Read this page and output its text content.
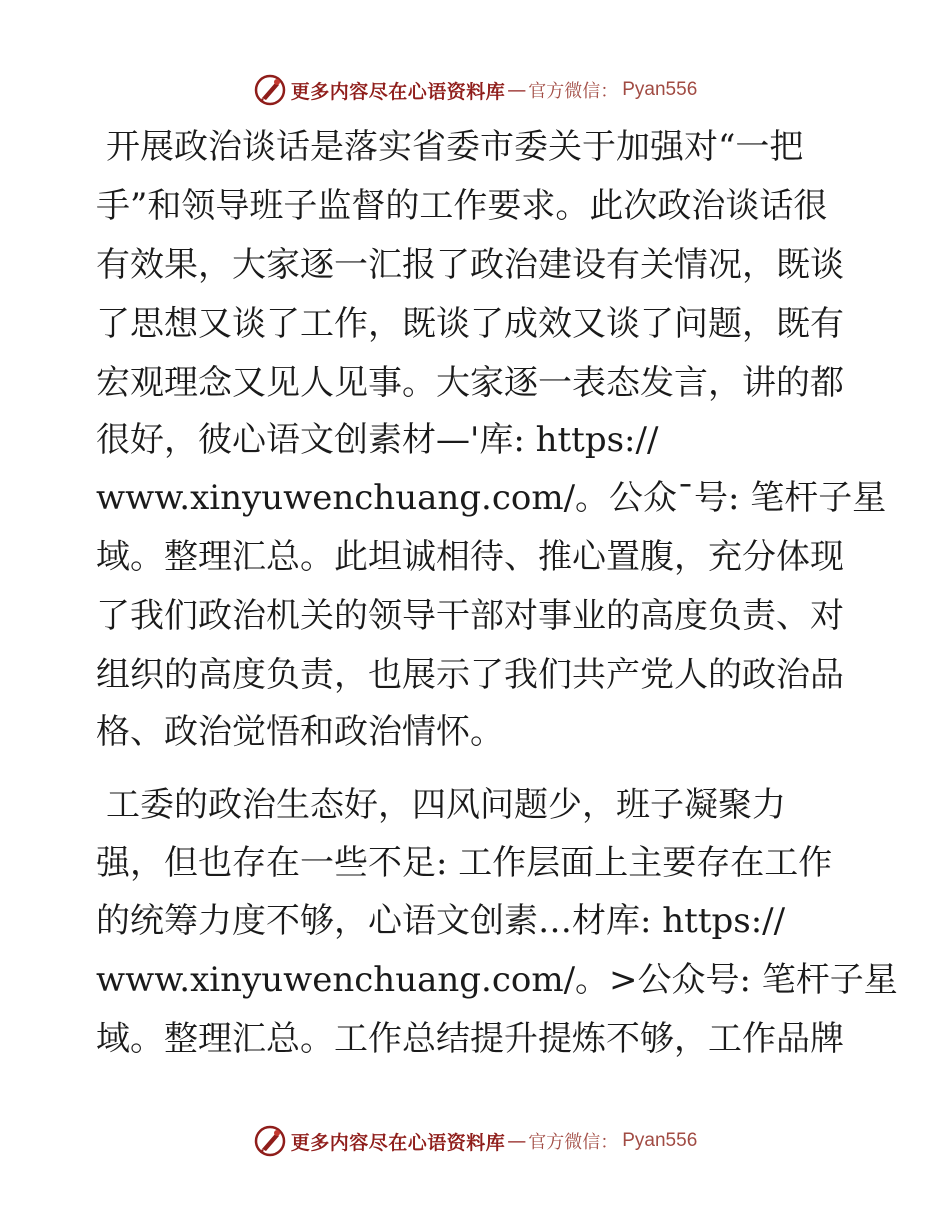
更多内容尽在心语资料库 — 官方微信： Pyan556
开展政治谈话是落实省委市委关于加强对“一把
手”和领导班子监督的工作要求。此次政治谈话很
有效果，大家逐一汇报了政治建设有关情况，既谈
了思想又谈了工作，既谈了成效又谈了问题，既有
宏观理念又见人见事。大家逐一表态发言，讲的都
很好，彼心语文创素材—'库: https://
www.xinyuwenchuang.com/。公众¯号: 笔杆子星
域。整理汇总。此坦诚相待、推心置腹，充分体现
了我们政治机关的领导干部对事业的高度负责、对
组织的高度负责，也展示了我们共产党人的政治品
格、政治觉悟和政治情怀。
工委的政治生态好，四风问题少，班子凝聚力
强，但也存在一些不足: 工作层面上主要存在工作
的统筹力度不够，心语文创素…材库: https://
www.xinyuwenchuang.com/。>公众号: 笔杆子星
域。整理汇总。工作总结提升提炼不够，工作品牌
更多内容尽在心语资料库 — 官方微信： Pyan556
